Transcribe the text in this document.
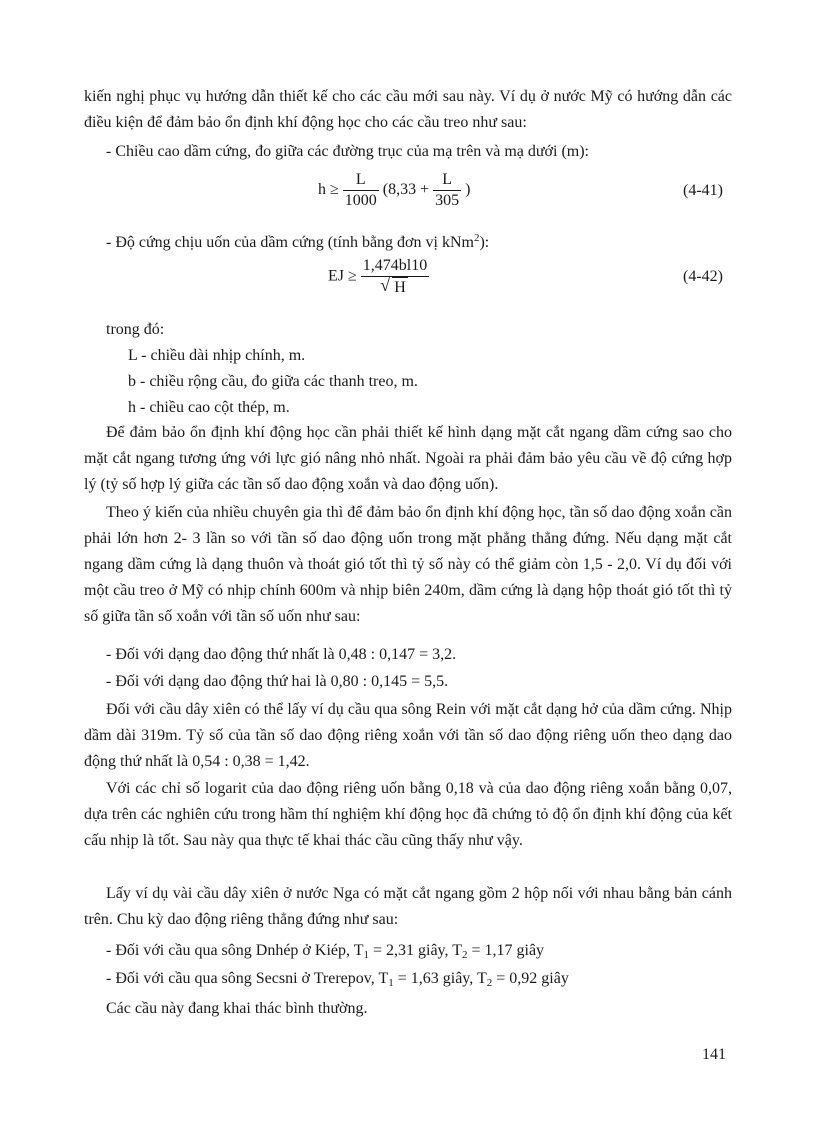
kiến nghị phục vụ hướng dẫn thiết kế cho các cầu mới sau này. Ví dụ ở nước Mỹ có hướng dẫn các điều kiện để đảm bảo ổn định khí động học cho các cầu treo như sau:

- Chiều cao dầm cứng, đo giữa các đường trục của mạ trên và mạ dưới (m):

$h \ge \frac{L}{1000} (8,33 + \frac{L}{305}$ )	(4-41)

- Độ cứng chịu uốn của dầm cứng (tính bằng đơn vị kNm$^2$):

EJ ≥ 1,474bl10
√ H	(4-42)

trong đó:

L - chiều dài nhịp chính, m.

b - chiều rộng cầu, đo giữa các thanh treo, m.

h - chiều cao cột thép, m.

Để đảm bảo ổn định khí động học cần phải thiết kế hình dạng mặt cắt ngang dầm cứng sao cho mặt cắt ngang tương ứng với lực gió nâng nhỏ nhất. Ngoài ra phải đảm bảo yêu cầu về độ cứng hợp lý (tỷ số hợp lý giữa các tần số dao động xoắn và dao động uốn).

Theo ý kiến của nhiều chuyên gia thì để đảm bảo ổn định khí động học, tần số dao động xoắn cần phải lớn hơn 2- 3 lần so với tần số dao động uốn trong mặt phẳng thẳng đứng. Nếu dạng mặt cắt ngang dầm cứng là dạng thuôn và thoát gió tốt thì tỷ số này có thể giảm còn 1,5 - 2,0. Ví dụ đối với một cầu treo ở Mỹ có nhịp chính 600m và nhịp biên 240m, dầm cứng là dạng hộp thoát gió tốt thì tỷ số giữa tần số xoắn với tần số uốn như sau:

- Đối với dạng dao động thứ nhất là 0,48 : 0,147 = 3,2.

- Đối với dạng dao động thứ hai là 0,80 : 0,145 = 5,5.

Đối với cầu dây xiên có thể lấy ví dụ cầu qua sông Rein với mặt cắt dạng hở của dầm cứng. Nhịp dầm dài 319m. Tỷ số của tần số dao động riêng xoắn với tần số dao động riêng uốn theo dạng dao động thứ nhất là 0,54 : 0,38 = 1,42.

Với các chỉ số logarit của dao động riêng uốn bằng 0,18 và của dao động riêng xoắn bằng 0,07, dựa trên các nghiên cứu trong hầm thí nghiệm khí động học đã chứng tỏ độ ổn định khí động của kết cấu nhịp là tốt. Sau này qua thực tế khai thác cầu cũng thấy như vậy.

Lấy ví dụ vài cầu dây xiên ở nước Nga có mặt cắt ngang gồm 2 hộp nối với nhau bằng bản cánh trên. Chu kỳ dao động riêng thẳng đứng như sau:

- Đối với cầu qua sông Dnhép ở Kiép, $T_1 = 2,31$ giây, $T_2 = 1,17$ giây

- Đối với cầu qua sông Secsni ở Trerepov, $T_1 = 1,63$ giây, $T_2 = 0,92$ giây

Các cầu này đang khai thác bình thường.

141
